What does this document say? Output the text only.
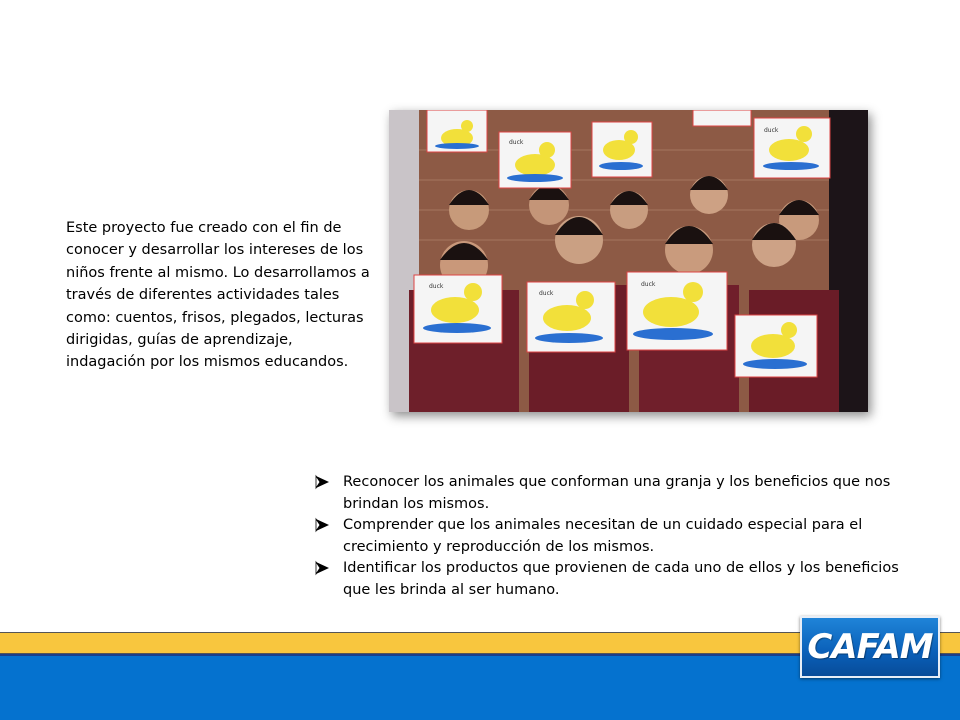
Este proyecto fue creado con el fin de conocer y desarrollar los intereses de los niños frente al mismo. Lo desarrollamos a través de diferentes actividades tales como: cuentos, frisos, plegados, lecturas dirigidas, guías de aprendizaje, indagación por los mismos educandos.

duck
duck
duck
duck
duck
Reconocer los animales que conforman una granja y los beneficios que nos brindan los mismos.
Comprender que los animales necesitan de un cuidado especial para el crecimiento y reproducción de los mismos.
Identificar los productos que provienen de cada uno de ellos y los beneficios que les brinda al ser humano.
CAFAM
